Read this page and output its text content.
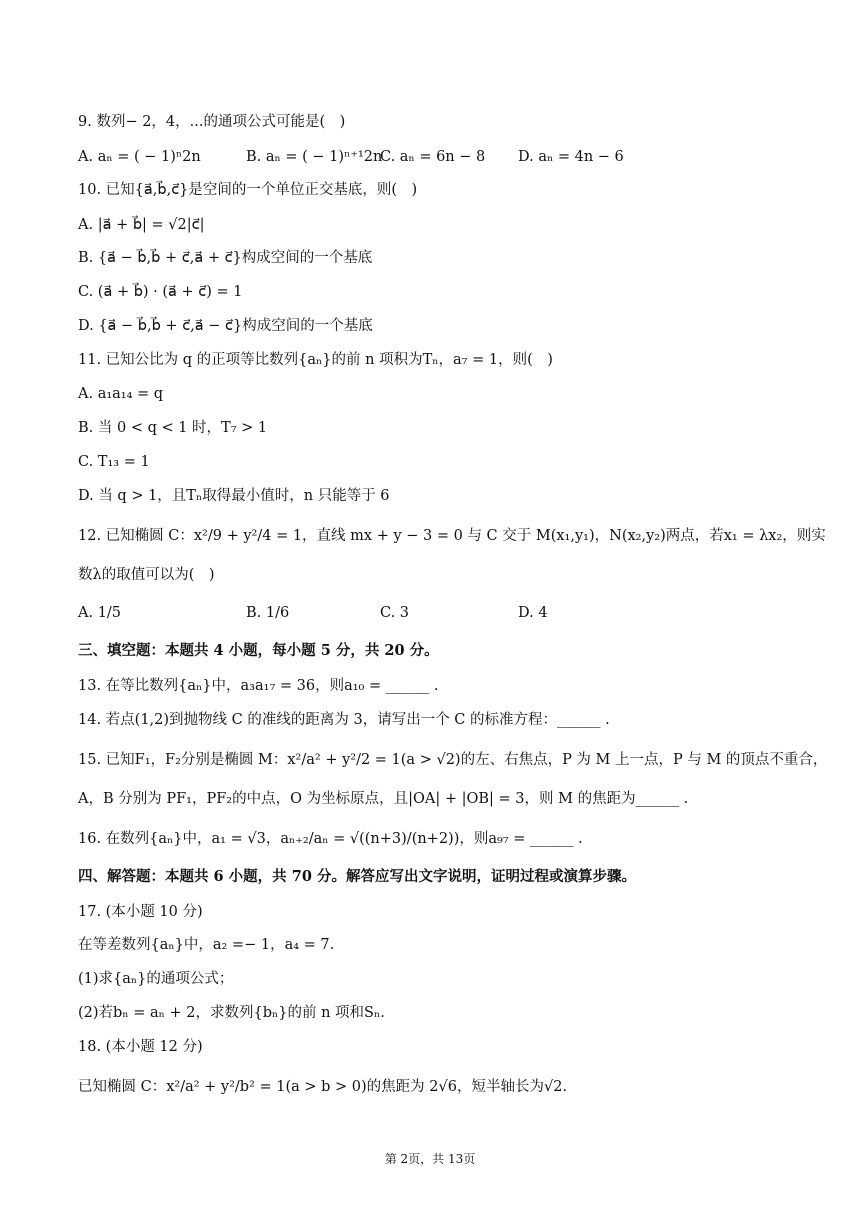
9. 数列− 2，4，...的通项公式可能是(　)
A. aₙ = ( − 1)ⁿ2n	B. aₙ = ( − 1)ⁿ⁺¹2n
C. aₙ = 6n − 8 D. aₙ = 4n − 6
10. 已知{a⃗,b⃗,c⃗}是空间的一个单位正交基底，则(　)
A. |a⃗ + b⃗| = √2|c⃗|
B. {a⃗ − b⃗,b⃗ + c⃗,a⃗ + c⃗}构成空间的一个基底
C. (a⃗ + b⃗) · (a⃗ + c⃗) = 1
D. {a⃗ − b⃗,b⃗ + c⃗,a⃗ − c⃗}构成空间的一个基底
11. 已知公比为 q 的正项等比数列{aₙ}的前 n 项积为Tₙ，a₇ = 1，则(　)
A. a₁a₁₄ = q
B. 当 0 < q < 1 时，T₇ > 1
C. T₁₃ = 1
D. 当 q > 1，且Tₙ取得最小值时，n 只能等于 6
12. 已知椭圆 C：x²/9 + y²/4 = 1，直线 mx + y − 3 = 0 与 C 交于 M(x₁,y₁)，N(x₂,y₂)两点，若x₁ = λx₂，则实
数λ的取值可以为(　)
A. 1/5	B. 1/6	C. 3	D. 4
三、填空题：本题共 4 小题，每小题 5 分，共 20 分。
13. 在等比数列{aₙ}中，a₃a₁₇ = 36，则a₁₀ = ______ .
14. 若点(1,2)到抛物线 C 的准线的距离为 3，请写出一个 C 的标准方程：______ .
15. 已知F₁，F₂分别是椭圆 M：x²/a² + y²/2 = 1(a > √2)的左、右焦点，P 为 M 上一点，P 与 M 的顶点不重合，
A，B 分别为 PF₁，PF₂的中点，O 为坐标原点，且|OA| + |OB| = 3，则 M 的焦距为______ .
16. 在数列{aₙ}中，a₁ = √3，aₙ₊₂/aₙ = √((n+3)/(n+2))，则a₉₇ = ______ .
四、解答题：本题共 6 小题，共 70 分。解答应写出文字说明，证明过程或演算步骤。
17. (本小题 10 分)
在等差数列{aₙ}中，a₂ =− 1，a₄ = 7.
(1)求{aₙ}的通项公式；
(2)若bₙ = aₙ + 2，求数列{bₙ}的前 n 项和Sₙ.
18. (本小题 12 分)
已知椭圆 C：x²/a² + y²/b² = 1(a > b > 0)的焦距为 2√6，短半轴长为√2.
第 2页，共 13页
